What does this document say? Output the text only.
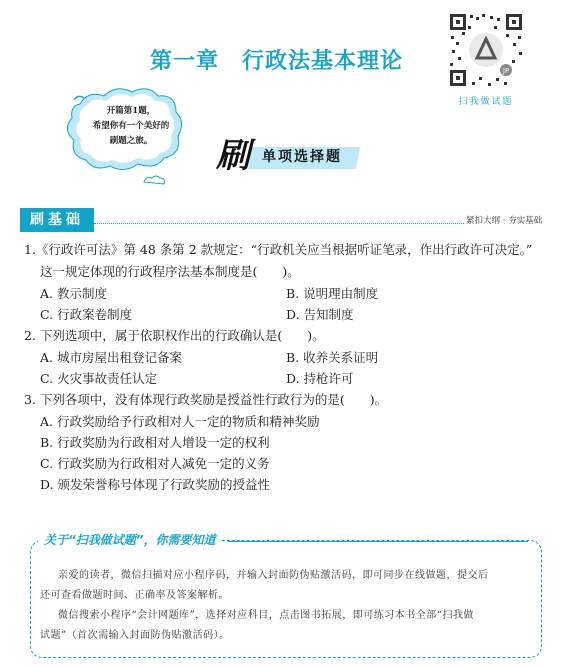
第一章　行政法基本理论	JP
扫我做试题
开篇第1题，
希望你有一个美好的
刷题之旅。	刷 单项选择题
刷基础	紧扣大纲 · 夯实基础
1.《行政许可法》第 48 条第 2 款规定：“行政机关应当根据听证笔录，作出行政许可决定。”
这一规定体现的行政程序法基本制度是(　　)。
A. 教示制度	B. 说明理由制度
C. 行政案卷制度	D. 告知制度
2. 下列选项中，属于依职权作出的行政确认是(　　)。
A. 城市房屋出租登记备案	B. 收养关系证明
C. 火灾事故责任认定	D. 持枪许可
3. 下列各项中，没有体现行政奖励是授益性行政行为的是(　　)。
A. 行政奖励给予行政相对人一定的物质和精神奖励
B. 行政奖励为行政相对人增设一定的权利
C. 行政奖励为行政相对人减免一定的义务
D. 颁发荣誉称号体现了行政奖励的授益性
关于“扫我做试题”，你需要知道
亲爱的读者，微信扫描对应小程序码，并输入封面防伪贴激活码，即可同步在线做题，提交后
还可查看做题时间、正确率及答案解析。
微信搜索小程序“会计网题库”，选择对应科目，点击图书拓展，即可练习本书全部“扫我做
试题”（首次需输入封面防伪贴激活码）。
